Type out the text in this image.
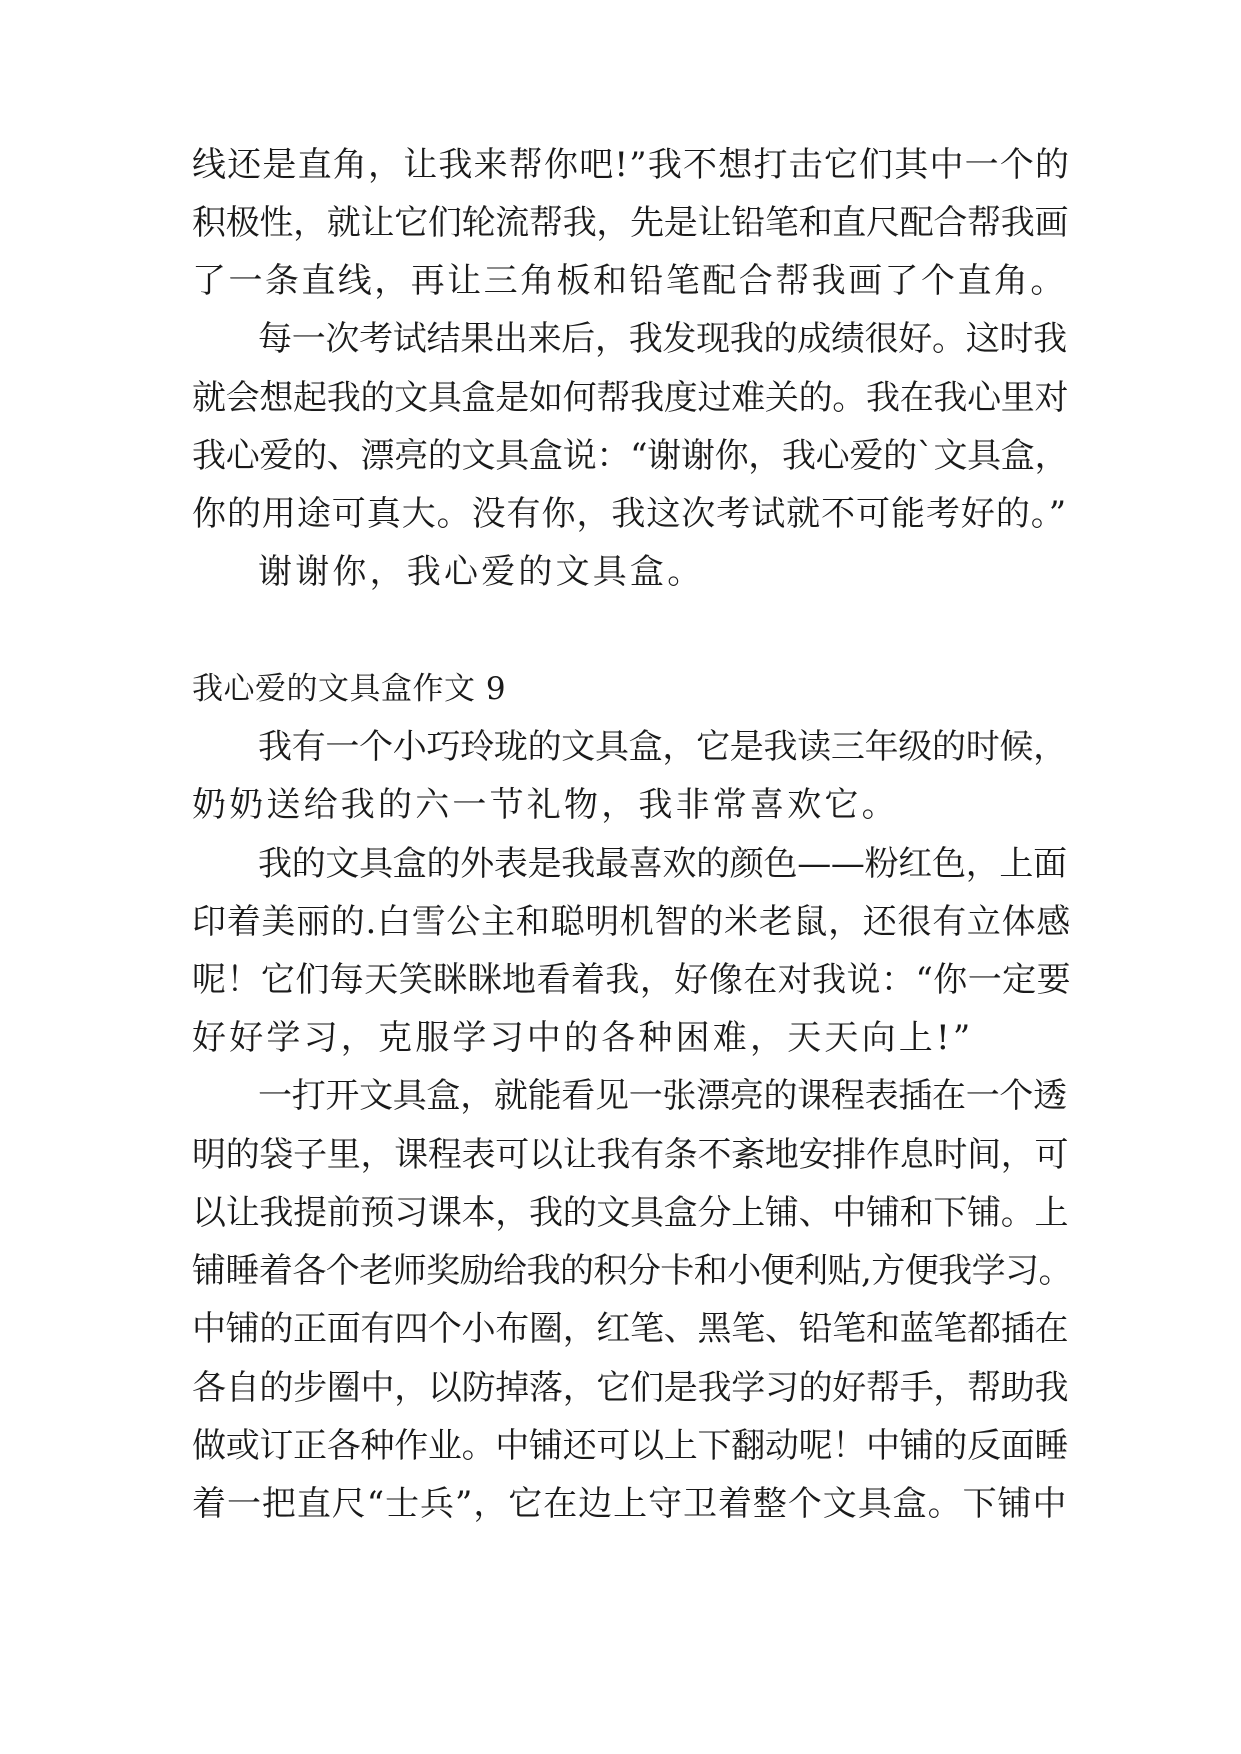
线还是直角，让我来帮你吧!”我不想打击它们其中一个的
积极性，就让它们轮流帮我，先是让铅笔和直尺配合帮我画
了一条直线，再让三角板和铅笔配合帮我画了个直角。
每一次考试结果出来后，我发现我的成绩很好。这时我
就会想起我的文具盒是如何帮我度过难关的。我在我心里对
我心爱的、漂亮的文具盒说：“谢谢你，我心爱的`文具盒，
你的用途可真大。没有你，我这次考试就不可能考好的。”
谢谢你，我心爱的文具盒。
我心爱的文具盒作文 9
我有一个小巧玲珑的文具盒，它是我读三年级的时候，
奶奶送给我的六一节礼物，我非常喜欢它。
我的文具盒的外表是我最喜欢的颜色——粉红色，上面
印着美丽的.白雪公主和聪明机智的米老鼠，还很有立体感
呢！它们每天笑眯眯地看着我，好像在对我说：“你一定要
好好学习，克服学习中的各种困难，天天向上!”
一打开文具盒，就能看见一张漂亮的课程表插在一个透
明的袋子里，课程表可以让我有条不紊地安排作息时间，可
以让我提前预习课本，我的文具盒分上铺、中铺和下铺。上
铺睡着各个老师奖励给我的积分卡和小便利贴,方便我学习。
中铺的正面有四个小布圈，红笔、黑笔、铅笔和蓝笔都插在
各自的步圈中，以防掉落，它们是我学习的好帮手，帮助我
做或订正各种作业。中铺还可以上下翻动呢！中铺的反面睡
着一把直尺“士兵”，它在边上守卫着整个文具盒。下铺中
